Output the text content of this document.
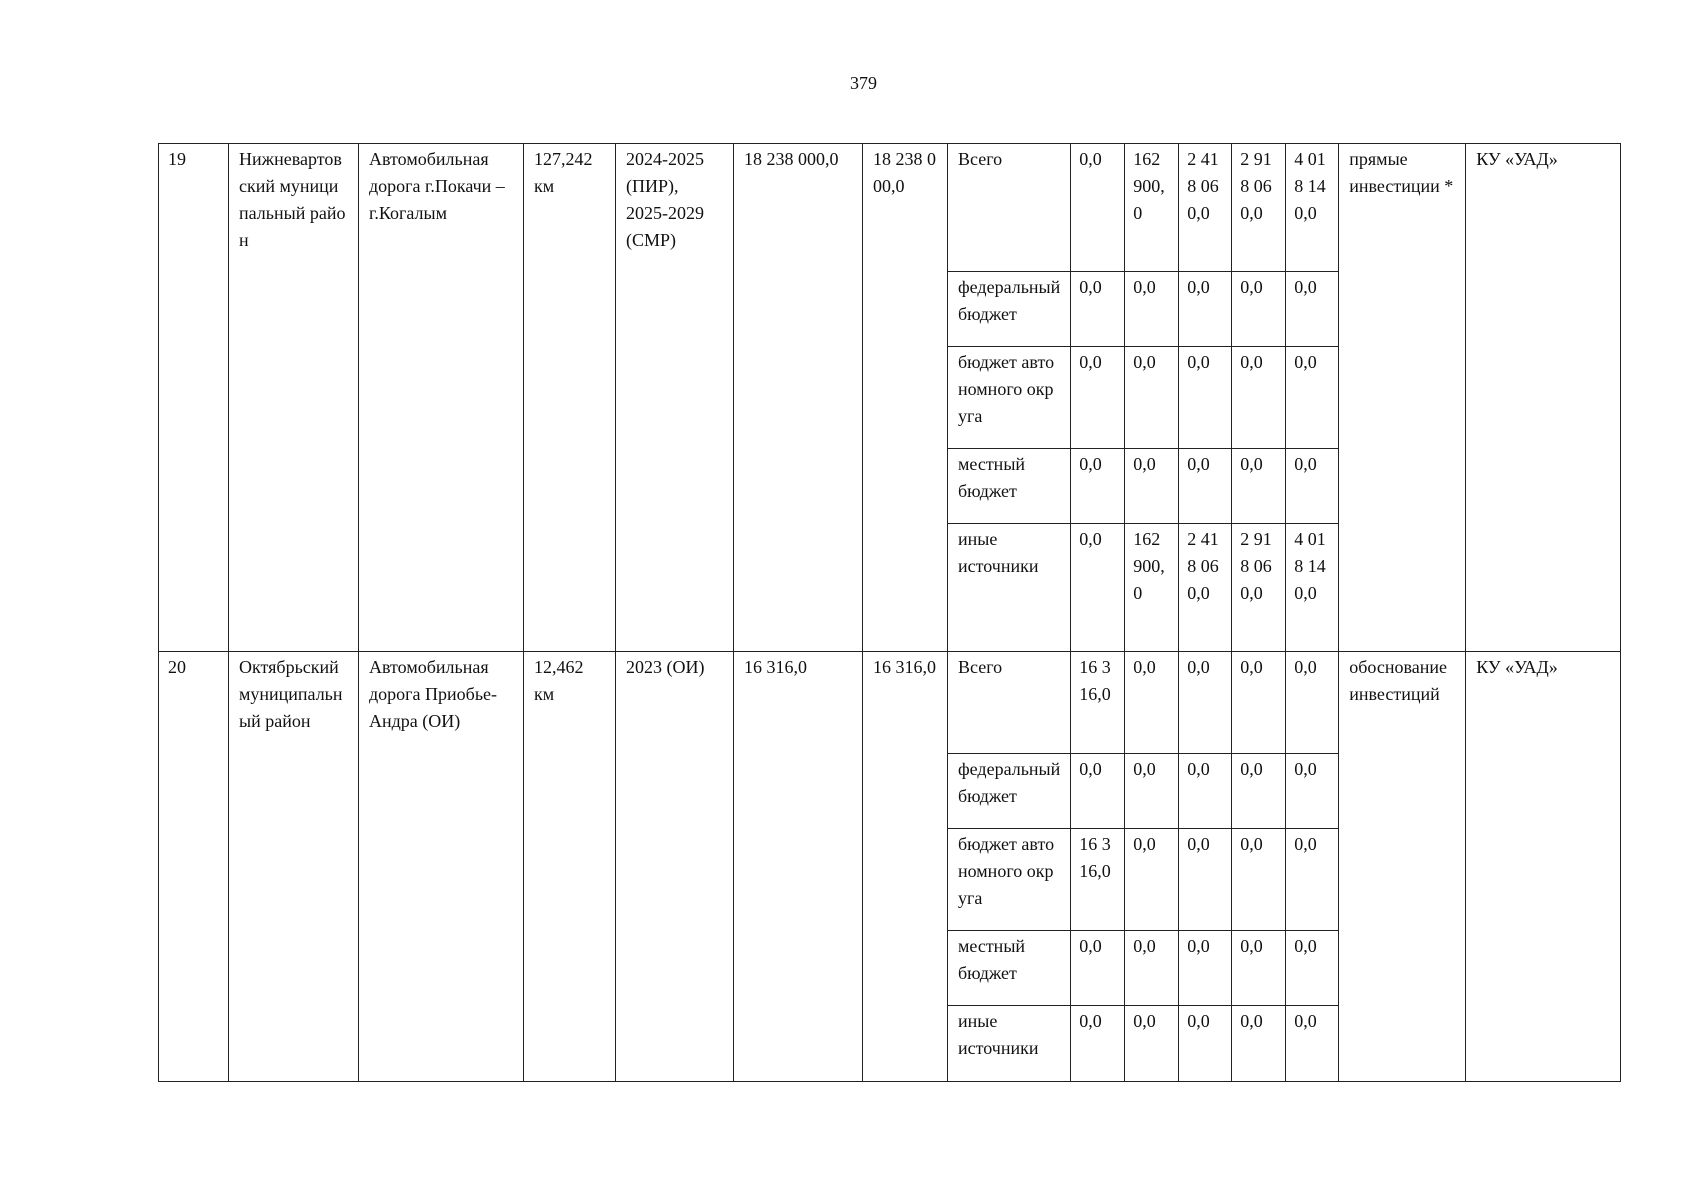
379
19	Нижневартовский муниципальный район	Автомобильная дорога г.Покачи – г.Когалым	127,242 км	2024-2025 (ПИР), 2025-2029 (СМР)	18 238 000,0	18 238 000,0	Всего	0,0	162 900,0	2 418 060,0	2 918 060,0	4 018 140,0	прямые инвестиции *	КУ «УАД»
							федеральный бюджет	0,0	0,0	0,0	0,0	0,0		

							бюджет автономного округа	0,0	0,0	0,0	0,0	0,0		

							местный бюджет	0,0	0,0	0,0	0,0	0,0		

							иные источники	0,0	162 900,0	2 418 060,0	2 918 060,0	4 018 140,0		

20	Октябрьский муниципальный район	Автомобильная дорога Приобье-Андра (ОИ)	12,462 км	2023 (ОИ)	16 316,0	16 316,0	Всего	16 316,0	0,0	0,0	0,0	0,0	обоснование инвестиций	КУ «УАД»
							федеральный бюджет	0,0	0,0	0,0	0,0	0,0		

							бюджет автономного округа	16 316,0	0,0	0,0	0,0	0,0		

							местный бюджет	0,0	0,0	0,0	0,0	0,0		

							иные источники	0,0	0,0	0,0	0,0	0,0		
